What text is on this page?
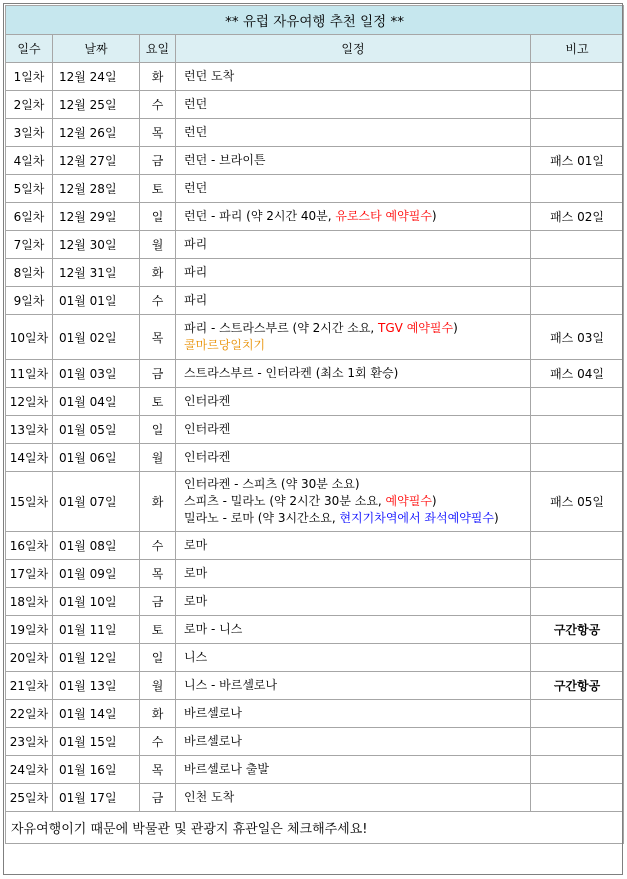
** 유럽 자유여행 추천 일정 **				
일수	날짜	요일	일정	비고
1일차	12월 24일	화	런던 도착	

2일차	12월 25일	수	런던	

3일차	12월 26일	목	런던	

4일차	12월 27일	금	런던 - 브라이튼	패스 01일
5일차	12월 28일	토	런던	

6일차	12월 29일	일	런던 - 파리 (약 2시간 40분, 유로스타 예약필수)	패스 02일
7일차	12월 30일	월	파리	

8일차	12월 31일	화	파리	

9일차	01월 01일	수	파리	

10일차	01월 02일	목	파리 - 스트라스부르 (약 2시간 소요, TGV 예약필수)
콜마르당일치기	패스 03일
11일차	01월 03일	금	스트라스부르 - 인터라켄 (최소 1회 환승)	패스 04일
12일차	01월 04일	토	인터라켄	

13일차	01월 05일	일	인터라켄	

14일차	01월 06일	월	인터라켄	

15일차	01월 07일	화	인터라켄 - 스피츠 (약 30분 소요)
스피츠 - 밀라노 (약 2시간 30분 소요, 예약필수)
밀라노 - 로마 (약 3시간소요, 현지기차역에서 좌석예약필수)	패스 05일
16일차	01월 08일	수	로마	

17일차	01월 09일	목	로마	

18일차	01월 10일	금	로마	

19일차	01월 11일	토	로마 - 니스	구간항공
20일차	01월 12일	일	니스	

21일차	01월 13일	월	니스 - 바르셀로나	구간항공
22일차	01월 14일	화	바르셀로나	

23일차	01월 15일	수	바르셀로나	

24일차	01월 16일	목	바르셀로나 출발	

25일차	01월 17일	금	인천 도착	

자유여행이기 때문에 박물관 및 관광지 휴관일은 체크해주세요!				
